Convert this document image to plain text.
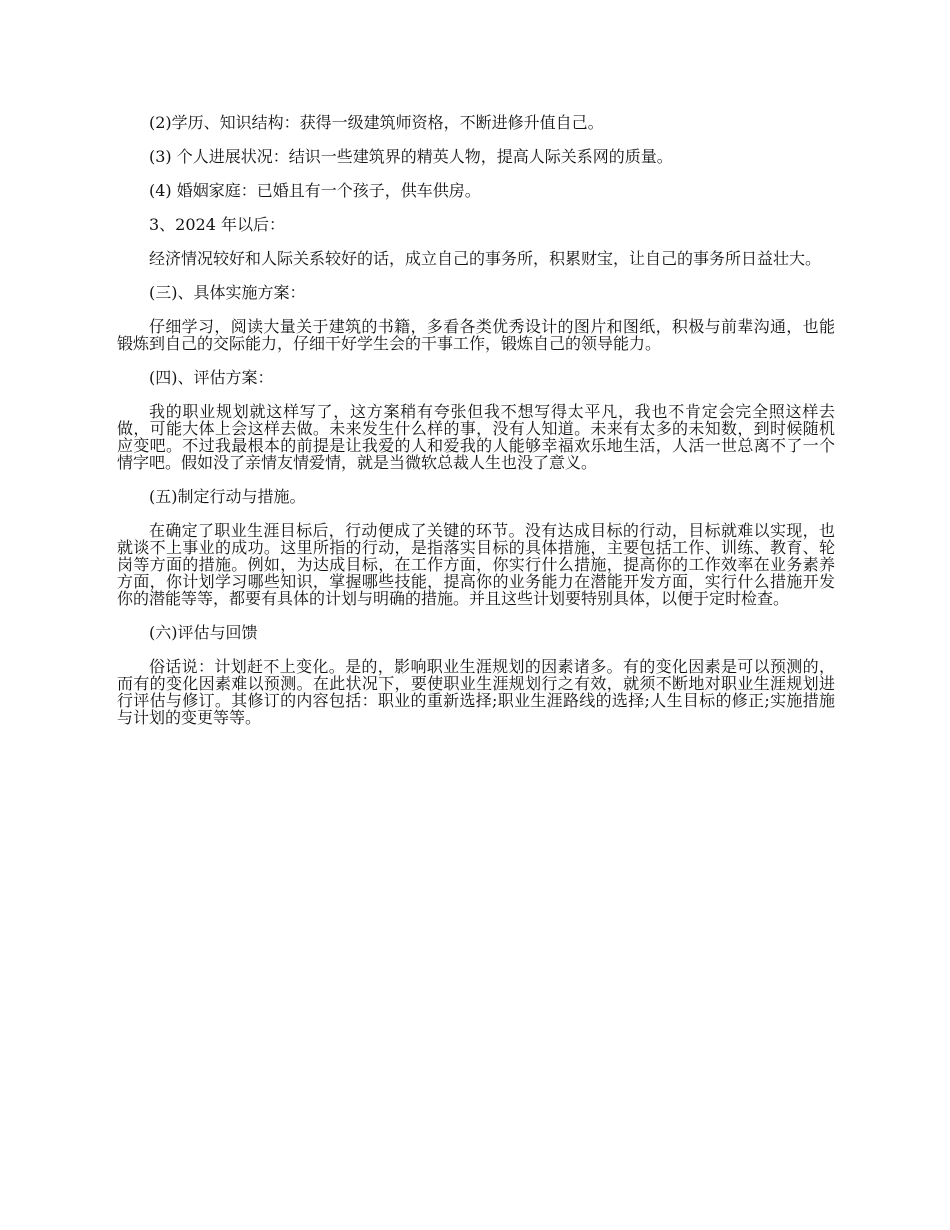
(2)学历、知识结构：获得一级建筑师资格，不断进修升值自己。

(3) 个人进展状况：结识一些建筑界的精英人物，提高人际关系网的质量。

(4) 婚姻家庭：已婚且有一个孩子，供车供房。

3、2024 年以后：

经济情况较好和人际关系较好的话，成立自己的事务所，积累财宝，让自己的事务所日益壮大。

(三)、具体实施方案：

仔细学习，阅读大量关于建筑的书籍，多看各类优秀设计的图片和图纸，积极与前辈沟通，也能锻炼到自己的交际能力，仔细干好学生会的干事工作，锻炼自己的领导能力。

(四)、评估方案：

我的职业规划就这样写了，这方案稍有夸张但我不想写得太平凡，我也不肯定会完全照这样去做，可能大体上会这样去做。未来发生什么样的事，没有人知道。未来有太多的未知数，到时候随机应变吧。不过我最根本的前提是让我爱的人和爱我的人能够幸福欢乐地生活，人活一世总离不了一个情字吧。假如没了亲情友情爱情，就是当微软总裁人生也没了意义。

(五)制定行动与措施。

在确定了职业生涯目标后，行动便成了关键的环节。没有达成目标的行动，目标就难以实现，也就谈不上事业的成功。这里所指的行动，是指落实目标的具体措施，主要包括工作、训练、教育、轮岗等方面的措施。例如，为达成目标，在工作方面，你实行什么措施，提高你的工作效率在业务素养方面，你计划学习哪些知识，掌握哪些技能，提高你的业务能力在潜能开发方面，实行什么措施开发你的潜能等等，都要有具体的计划与明确的措施。并且这些计划要特别具体，以便于定时检查。

(六)评估与回馈

俗话说：计划赶不上变化。是的，影响职业生涯规划的因素诸多。有的变化因素是可以预测的，而有的变化因素难以预测。在此状况下，要使职业生涯规划行之有效，就须不断地对职业生涯规划进行评估与修订。其修订的内容包括：职业的重新选择;职业生涯路线的选择;人生目标的修正;实施措施与计划的变更等等。
